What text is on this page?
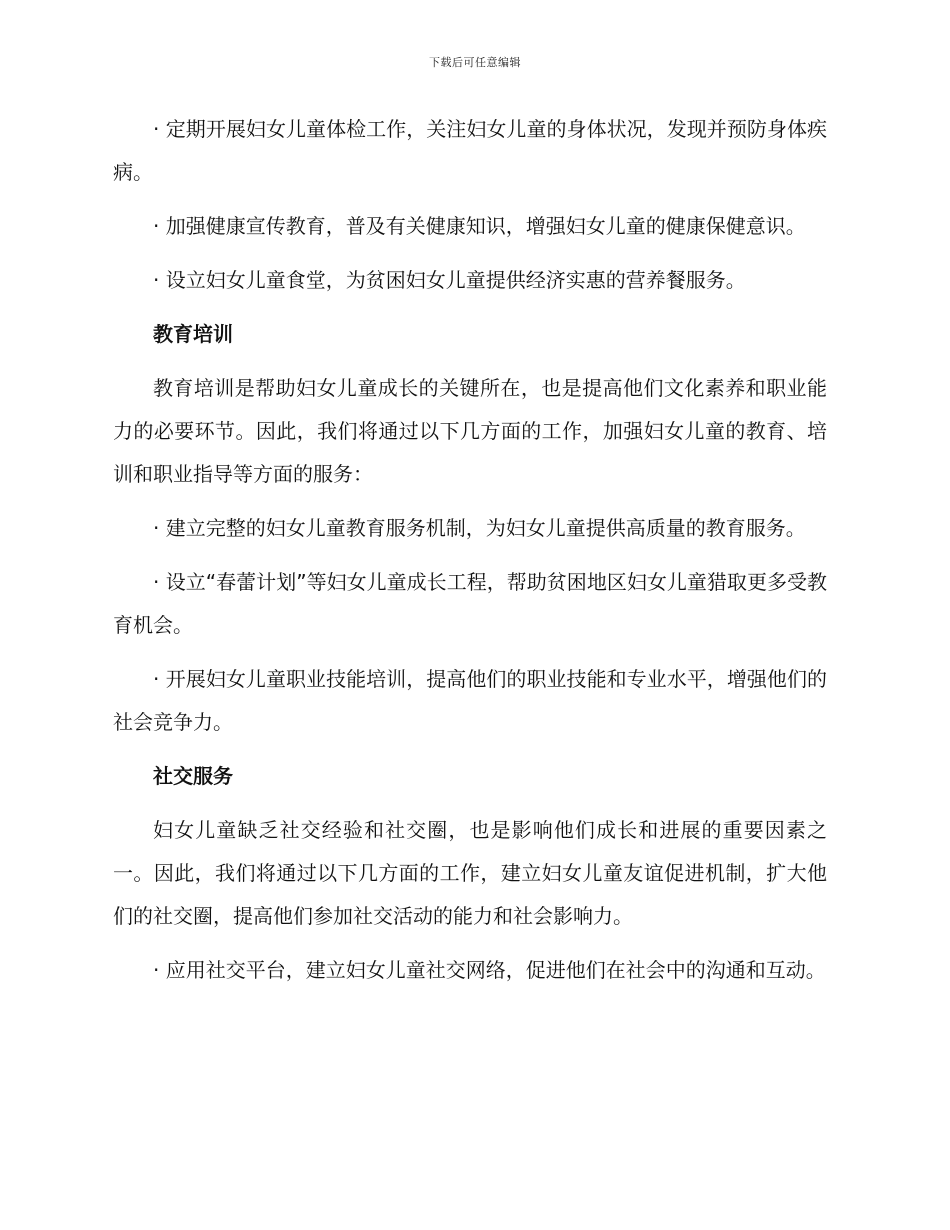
下载后可任意编辑

· 定期开展妇女儿童体检工作，关注妇女儿童的身体状况，发现并预防身体疾病。

· 加强健康宣传教育，普及有关健康知识，增强妇女儿童的健康保健意识。

· 设立妇女儿童食堂，为贫困妇女儿童提供经济实惠的营养餐服务。

教育培训

教育培训是帮助妇女儿童成长的关键所在，也是提高他们文化素养和职业能力的必要环节。因此，我们将通过以下几方面的工作，加强妇女儿童的教育、培训和职业指导等方面的服务：

· 建立完整的妇女儿童教育服务机制，为妇女儿童提供高质量的教育服务。

· 设立“春蕾计划”等妇女儿童成长工程，帮助贫困地区妇女儿童猎取更多受教育机会。

· 开展妇女儿童职业技能培训，提高他们的职业技能和专业水平，增强他们的社会竞争力。

社交服务

妇女儿童缺乏社交经验和社交圈，也是影响他们成长和进展的重要因素之一。因此，我们将通过以下几方面的工作，建立妇女儿童友谊促进机制，扩大他们的社交圈，提高他们参加社交活动的能力和社会影响力。

· 应用社交平台，建立妇女儿童社交网络，促进他们在社会中的沟通和互动。
